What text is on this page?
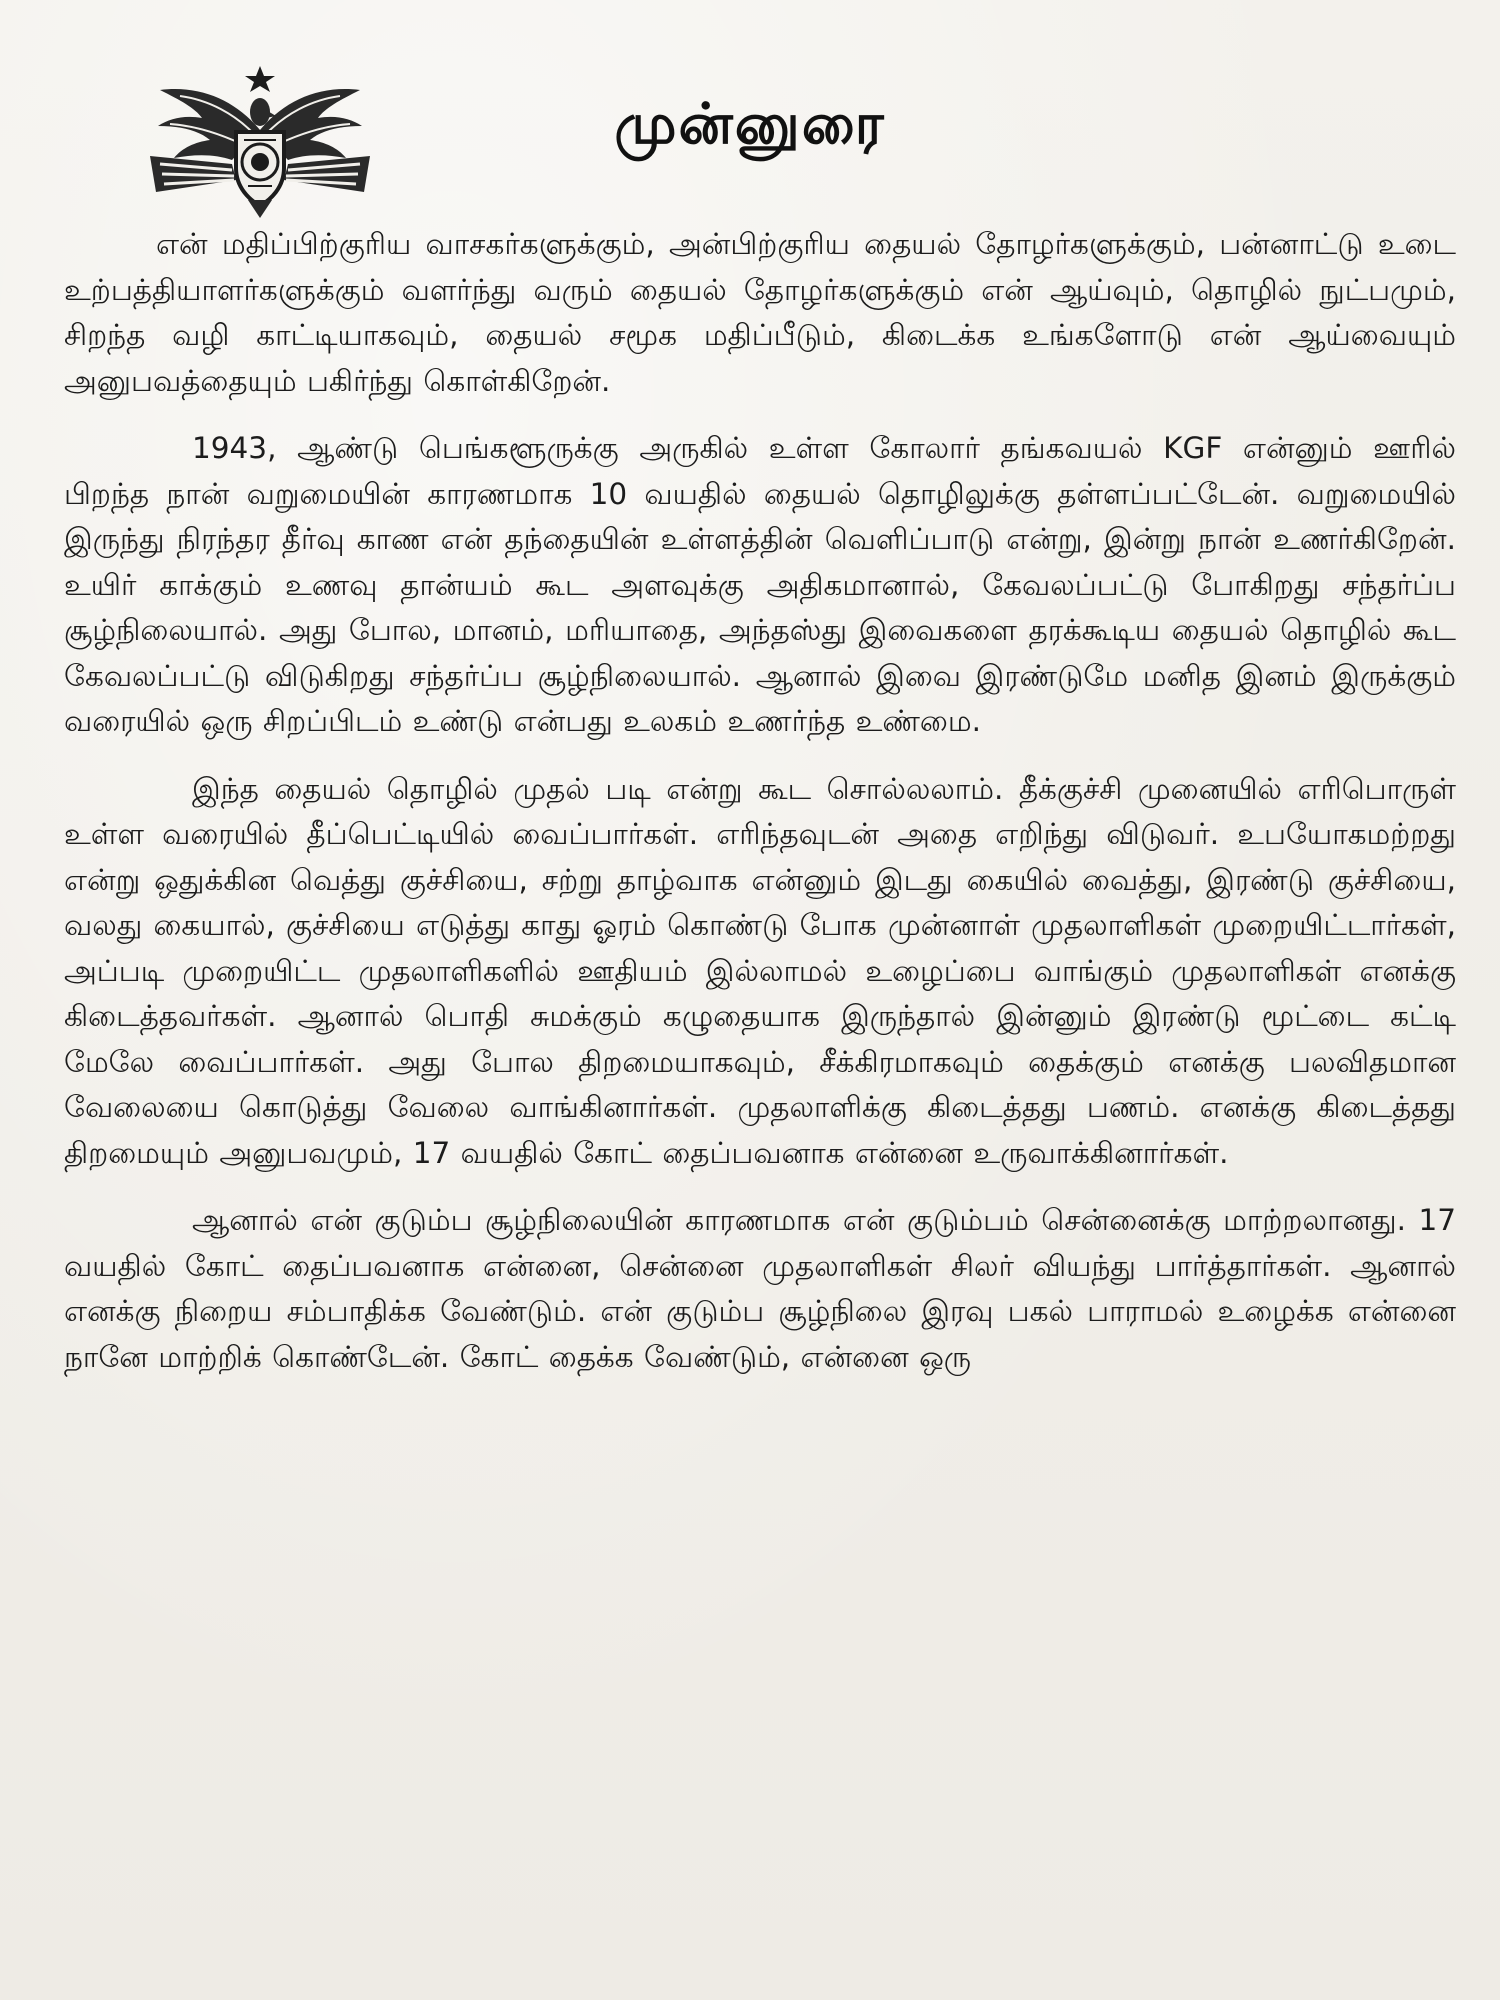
முன்னுரை

என் மதிப்பிற்குரிய வாசகர்களுக்கும், அன்பிற்குரிய தையல் தோழர்களுக்கும், பன்னாட்டு உடை உற்பத்தியாளர்களுக்கும் வளர்ந்து வரும் தையல் தோழர்களுக்கும் என் ஆய்வும், தொழில் நுட்பமும், சிறந்த வழி காட்டியாகவும், தையல் சமூக மதிப்பீடும், கிடைக்க உங்களோடு என் ஆய்வையும் அனுபவத்தையும் பகிர்ந்து கொள்கிறேன்.

1943, ஆண்டு பெங்களூருக்கு அருகில் உள்ள கோலார் தங்கவயல் KGF என்னும் ஊரில் பிறந்த நான் வறுமையின் காரணமாக 10 வயதில் தையல் தொழிலுக்கு தள்ளப்பட்டேன். வறுமையில் இருந்து நிரந்தர தீர்வு காண என் தந்தையின் உள்ளத்தின் வெளிப்பாடு என்று, இன்று நான் உணர்கிறேன். உயிர் காக்கும் உணவு தான்யம் கூட அளவுக்கு அதிகமானால், கேவலப்பட்டு போகிறது சந்தர்ப்ப சூழ்நிலையால். அது போல, மானம், மரியாதை, அந்தஸ்து இவைகளை தரக்கூடிய தையல் தொழில் கூட கேவலப்பட்டு விடுகிறது சந்தர்ப்ப சூழ்நிலையால். ஆனால் இவை இரண்டுமே மனித இனம் இருக்கும் வரையில் ஒரு சிறப்பிடம் உண்டு என்பது உலகம் உணர்ந்த உண்மை.

இந்த தையல் தொழில் முதல் படி என்று கூட சொல்லலாம். தீக்குச்சி முனையில் எரிபொருள் உள்ள வரையில் தீப்பெட்டியில் வைப்பார்கள். எரிந்தவுடன் அதை எறிந்து விடுவர். உபயோகமற்றது என்று ஒதுக்கின வெத்து குச்சியை, சற்று தாழ்வாக என்னும் இடது கையில் வைத்து, இரண்டு குச்சியை, வலது கையால், குச்சியை எடுத்து காது ஓரம் கொண்டு போக முன்னாள் முதலாளிகள் முறையிட்டார்கள், அப்படி முறையிட்ட முதலாளிகளில் ஊதியம் இல்லாமல் உழைப்பை வாங்கும் முதலாளிகள் எனக்கு கிடைத்தவர்கள். ஆனால் பொதி சுமக்கும் கழுதையாக இருந்தால் இன்னும் இரண்டு மூட்டை கட்டி மேலே வைப்பார்கள். அது போல திறமையாகவும், சீக்கிரமாகவும் தைக்கும் எனக்கு பலவிதமான வேலையை கொடுத்து வேலை வாங்கினார்கள். முதலாளிக்கு கிடைத்தது பணம். எனக்கு கிடைத்தது திறமையும் அனுபவமும், 17 வயதில் கோட் தைப்பவனாக என்னை உருவாக்கினார்கள்.

ஆனால் என் குடும்ப சூழ்நிலையின் காரணமாக என் குடும்பம் சென்னைக்கு மாற்றலானது. 17 வயதில் கோட் தைப்பவனாக என்னை, சென்னை முதலாளிகள் சிலர் வியந்து பார்த்தார்கள். ஆனால் எனக்கு நிறைய சம்பாதிக்க வேண்டும். என் குடும்ப சூழ்நிலை இரவு பகல் பாராமல் உழைக்க என்னை நானே மாற்றிக் கொண்டேன். கோட் தைக்க வேண்டும், என்னை ஒரு
